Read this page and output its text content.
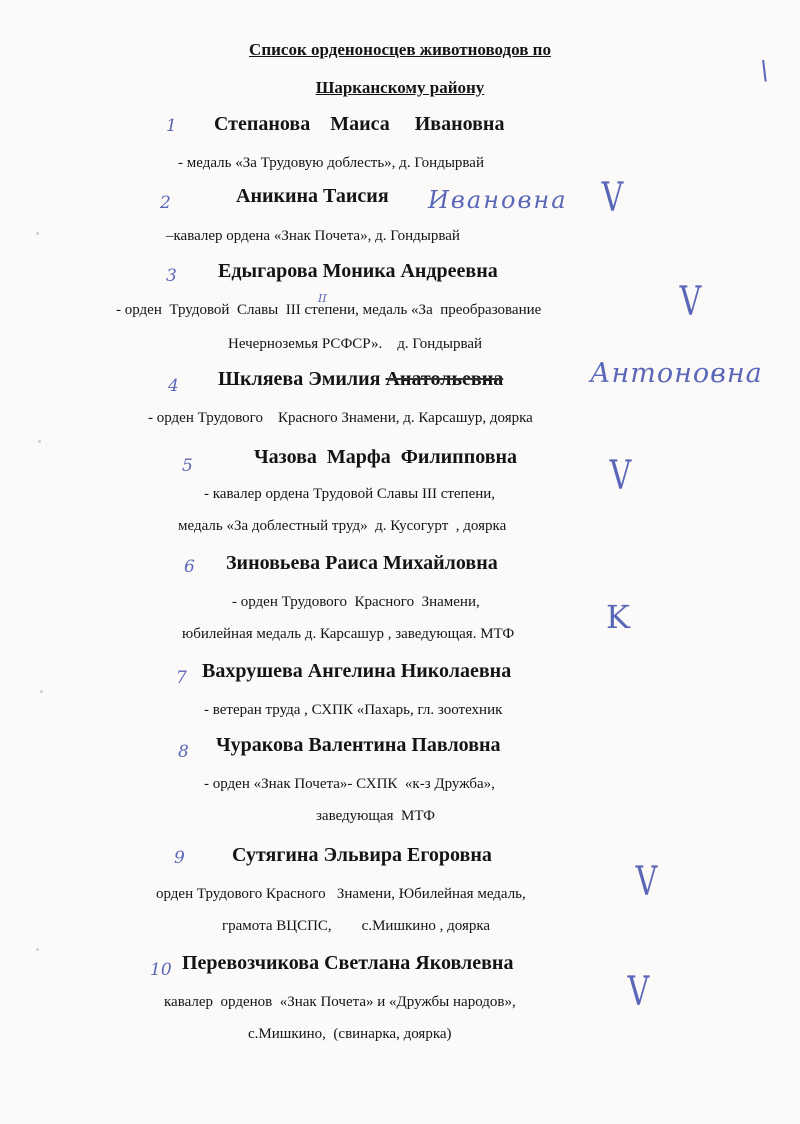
\
Список орденоносцев животноводов по
Шарканскому району
1 Степанова    Маиса     Ивановна
- медаль «За Трудовую доблесть», д. Гондырвай
2	Аникина Таисия Ивановна V
–кавалер ордена «Знак Почета», д. Гондырвай
3 Едыгарова Моника Андреевна
V
- орден  Трудовой  Славы  III степени, медаль «За  преобразование
II
Нечерноземья РСФСР».    д. Гондырвай
4 Шкляева Эмилия Анатольевна	Антоновна
- орден Трудового    Красного Знамени, д. Карсашур, доярка
5	Чазова  Марфа  Филипповна V
- кавалер ордена Трудовой Славы III степени,
медаль «За доблестный труд»  д. Кусогурт  , доярка
6 Зиновьева Раиса Михайловна
- орден Трудового  Красного  Знамени,	K
юбилейная медаль д. Карсашур , заведующая. МТФ
7 Вахрушева Ангелина Николаевна
- ветеран труда , СХПК «Пахарь, гл. зоотехник
8 Чуракова Валентина Павловна
- орден «Знак Почета»- СХПК  «к-з Дружба»,
заведующая  МТФ
9 Сутягина Эльвира Егоровна
орден Трудового Красного   Знамени, Юбилейная медаль,	V
грамота ВЦСПС,        с.Мишкино , доярка
10 Перевозчикова Светлана Яковлевна
кавалер  орденов  «Знак Почета» и «Дружбы народов»,	V
с.Мишкино,  (свинарка, доярка)
